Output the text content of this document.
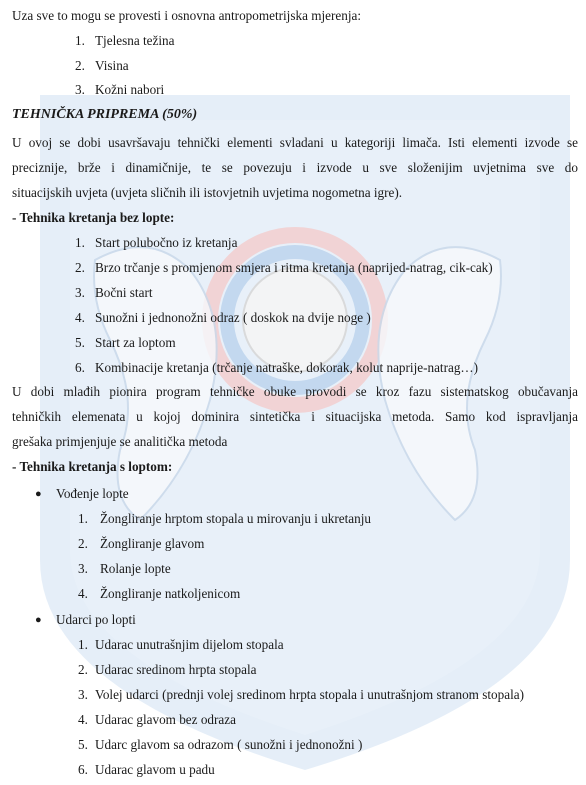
Uza sve to mogu se provesti i osnovna antropometrijska mjerenja:
1. Tjelesna težina
2. Visina
3. Kožni nabori
TEHNIČKA PRIPREMA (50%)
U ovoj se dobi usavršavaju tehnički elementi svladani u kategoriji limača. Isti elementi izvode se
preciznije, brže i dinamičnije, te se povezuju i izvode u sve složenijim uvjetnima sve do
situacijskih uvjeta (uvjeta sličnih ili istovjetnih uvjetima nogometna igre).
- Tehnika kretanja bez lopte:
1. Start polubočno iz kretanja
2. Brzo trčanje s promjenom smjera i ritma kretanja (naprijed-natrag, cik-cak)
3. Bočni start
4. Sunožni i jednonožni odraz ( doskok na dvije noge )
5. Start za loptom
6. Kombinacije kretanja (trčanje natraške, dokorak, kolut naprije-natrag…)
U dobi mlađih pionira program tehničke obuke provodi se kroz fazu sistematskog obučavanja
tehničkih elemenata u kojoj dominira sintetička i situacijska metoda. Samo kod ispravljanja
grešaka primjenjuje se analitička metoda
- Tehnika kretanja s loptom:
● Vođenje lopte
1. Žongliranje hrptom stopala u mirovanju i ukretanju
2. Žongliranje glavom
3. Rolanje lopte
4. Žongliranje natkoljenicom
● Udarci po lopti
1. Udarac unutrašnjim dijelom stopala
2. Udarac sredinom hrpta stopala
3. Volej udarci (prednji volej sredinom hrpta stopala i unutrašnjom stranom stopala)
4. Udarac glavom bez odraza
5. Udarc glavom sa odrazom ( sunožni i jednonožni )
6. Udarac glavom u padu
